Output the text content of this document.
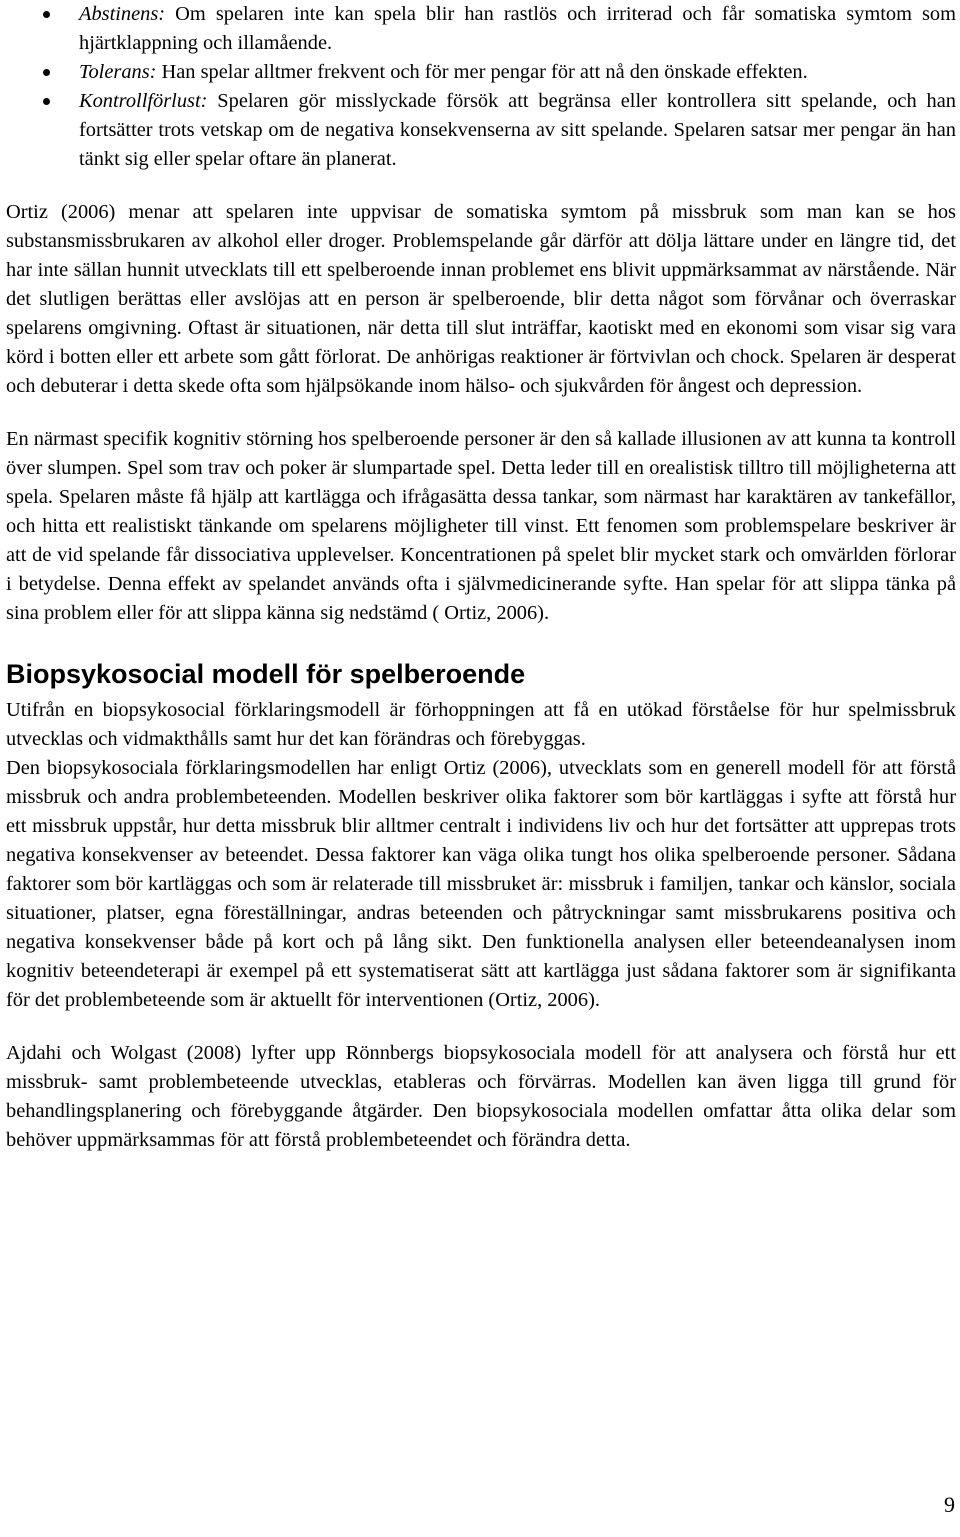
Abstinens: Om spelaren inte kan spela blir han rastlös och irriterad och får somatiska symtom som hjärtklappning och illamående.
Tolerans: Han spelar alltmer frekvent och för mer pengar för att nå den önskade effekten.
Kontrollförlust: Spelaren gör misslyckade försök att begränsa eller kontrollera sitt spelande, och han fortsätter trots vetskap om de negativa konsekvenserna av sitt spelande. Spelaren satsar mer pengar än han tänkt sig eller spelar oftare än planerat.

Ortiz (2006) menar att spelaren inte uppvisar de somatiska symtom på missbruk som man kan se hos substansmissbrukaren av alkohol eller droger. Problemspelande går därför att dölja lättare under en längre tid, det har inte sällan hunnit utvecklats till ett spelberoende innan problemet ens blivit uppmärksammat av närstående. När det slutligen berättas eller avslöjas att en person är spelberoende, blir detta något som förvånar och överraskar spelarens omgivning. Oftast är situationen, när detta till slut inträffar, kaotiskt med en ekonomi som visar sig vara körd i botten eller ett arbete som gått förlorat. De anhörigas reaktioner är förtvivlan och chock. Spelaren är desperat och debuterar i detta skede ofta som hjälpsökande inom hälso- och sjukvården för ångest och depression.

En närmast specifik kognitiv störning hos spelberoende personer är den så kallade illusionen av att kunna ta kontroll över slumpen. Spel som trav och poker är slumpartade spel. Detta leder till en orealistisk tilltro till möjligheterna att spela. Spelaren måste få hjälp att kartlägga och ifrågasätta dessa tankar, som närmast har karaktären av tankefällor, och hitta ett realistiskt tänkande om spelarens möjligheter till vinst. Ett fenomen som problemspelare beskriver är att de vid spelande får dissociativa upplevelser. Koncentrationen på spelet blir mycket stark och omvärlden förlorar i betydelse. Denna effekt av spelandet används ofta i självmedicinerande syfte. Han spelar för att slippa tänka på sina problem eller för att slippa känna sig nedstämd ( Ortiz, 2006).

Biopsykosocial modell för spelberoende

Utifrån en biopsykosocial förklaringsmodell är förhoppningen att få en utökad förståelse för hur spelmissbruk utvecklas och vidmakthålls samt hur det kan förändras och förebyggas.

Den biopsykosociala förklaringsmodellen har enligt Ortiz (2006), utvecklats som en generell modell för att förstå missbruk och andra problembeteenden. Modellen beskriver olika faktorer som bör kartläggas i syfte att förstå hur ett missbruk uppstår, hur detta missbruk blir alltmer centralt i individens liv och hur det fortsätter att upprepas trots negativa konsekvenser av beteendet. Dessa faktorer kan väga olika tungt hos olika spelberoende personer. Sådana faktorer som bör kartläggas och som är relaterade till missbruket är: missbruk i familjen, tankar och känslor, sociala situationer, platser, egna föreställningar, andras beteenden och påtryckningar samt missbrukarens positiva och negativa konsekvenser både på kort och på lång sikt. Den funktionella analysen eller beteendeanalysen inom kognitiv beteendeterapi är exempel på ett systematiserat sätt att kartlägga just sådana faktorer som är signifikanta för det problembeteende som är aktuellt för interventionen (Ortiz, 2006).

Ajdahi och Wolgast (2008) lyfter upp Rönnbergs biopsykosociala modell för att analysera och förstå hur ett missbruk- samt problembeteende utvecklas, etableras och förvärras. Modellen kan även ligga till grund för behandlingsplanering och förebyggande åtgärder. Den biopsykosociala modellen omfattar åtta olika delar som behöver uppmärksammas för att förstå problembeteendet och förändra detta.

9
